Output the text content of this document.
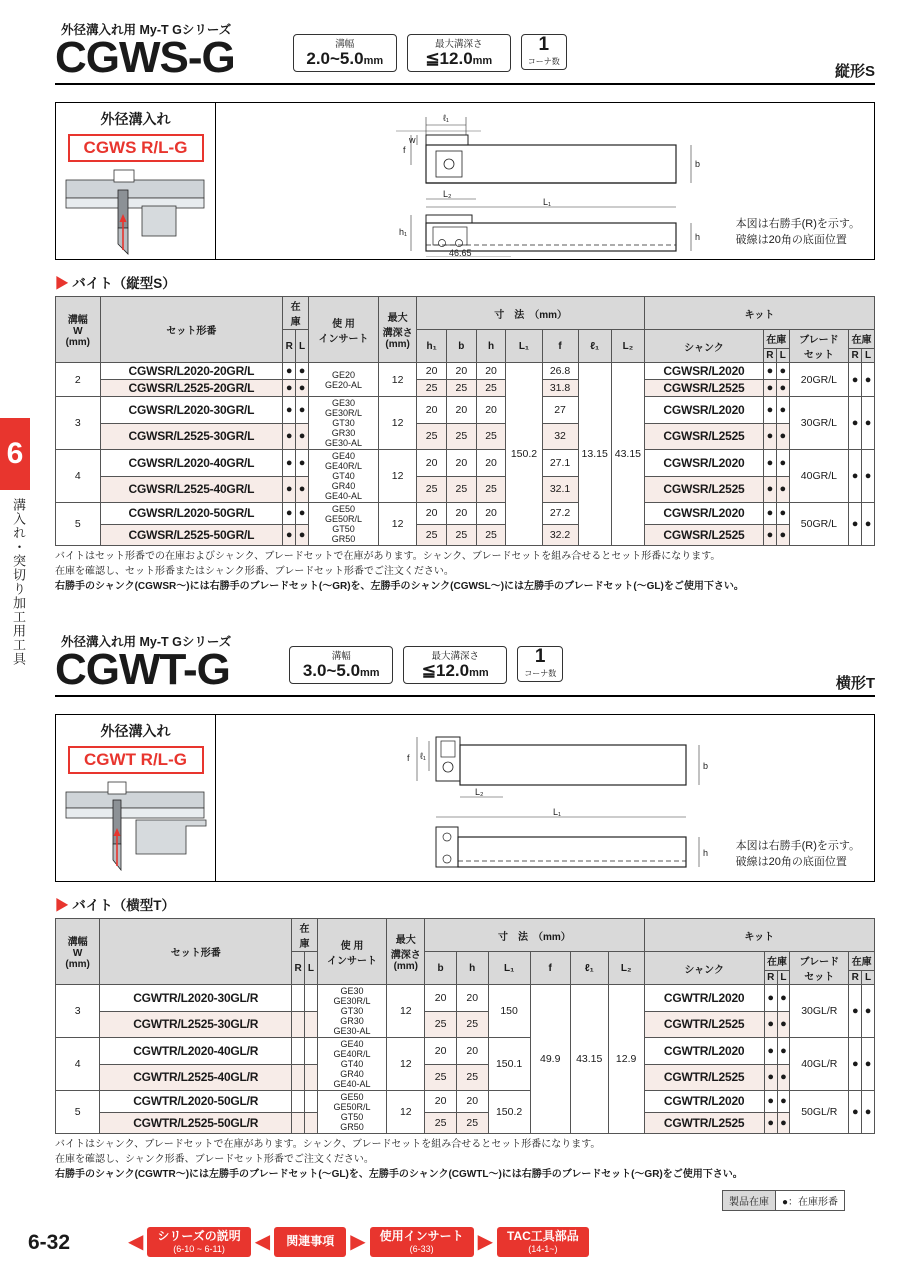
6
溝入れ・突切り加工用工具
外径溝入れ用 My-T Gシリーズ
CGWS-G	溝幅
2.0~5.0mm
最大溝深さ
≦12.0mm
1
コーナ数
縦形S
外径溝入れ
CGWS R/L-G
ℓ₁
f
w
b
L₂
L₁
h₁	h
46.65
本図は右勝手(R)を示す。
破線は20角の底面位置
▶ バイト（縦型S）
溝幅
W
(mm)	セット形番	在 庫		使 用
インサート	最大
溝深さ
(mm)	寸　法　（mm）							キット					
		R	L			h₁	b	h	L₁	f	ℓ₁	L₂	シャンク	在庫		ブレード
セット	在庫	
														R	L		R	L
2	CGWSR/L2020-20GR/L	●	●	GE20
GE20-AL	12	20	20	20	150.2	26.8	13.15	43.15	CGWSR/L2020	●	●	20GR/L	●	●
	CGWSR/L2525-20GR/L	●	●			25	25	25		31.8			CGWSR/L2525	●	●			
3	CGWSR/L2020-30GR/L	●	●	GE30
GE30R/L
GT30
GR30
GE30-AL	12	20	20	20		27			CGWSR/L2020	●	●	30GR/L	●	●
	CGWSR/L2525-30GR/L	●	●			25	25	25		32			CGWSR/L2525	●	●			
4	CGWSR/L2020-40GR/L	●	●	GE40
GE40R/L
GT40
GR40
GE40-AL	12	20	20	20		27.1			CGWSR/L2020	●	●	40GR/L	●	●
	CGWSR/L2525-40GR/L	●	●			25	25	25		32.1			CGWSR/L2525	●	●			
5	CGWSR/L2020-50GR/L	●	●	GE50
GE50R/L
GT50
GR50	12	20	20	20		27.2			CGWSR/L2020	●	●	50GR/L	●	●
	CGWSR/L2525-50GR/L	●	●			25	25	25		32.2			CGWSR/L2525	●	●			
バイトはセット形番での在庫およびシャンク、ブレードセットで在庫があります。シャンク、ブレードセットを組み合せるとセット形番になります。
在庫を確認し、セット形番またはシャンク形番、ブレードセット形番でご注文ください。
右勝手のシャンク(CGWSR〜)には右勝手のブレードセット(〜GR)を、左勝手のシャンク(CGWSL〜)には左勝手のブレードセット(〜GL)をご使用下さい。
外径溝入れ用 My-T Gシリーズ
CGWT-G	溝幅
3.0~5.0mm
最大溝深さ
≦12.0mm
1
コーナ数
横形T
外径溝入れ
CGWT R/L-G	f ℓ₁
b
L₂
L₁
h
本図は右勝手(R)を示す。
破線は20角の底面位置
▶ バイト（横型T）
溝幅
W
(mm)	セット形番	在 庫		使 用
インサート	最大
溝深さ
(mm)	寸　法　（mm）						キット					
		R	L			b	h	L₁	f	ℓ₁	L₂	シャンク	在庫		ブレード
セット	在庫	
													R	L		R	L
3	CGWTR/L2020-30GL/R			GE30
GE30R/L
GT30
GR30
GE30-AL	12	20	20	150	49.9	43.15	12.9	CGWTR/L2020	●	●	30GL/R	●	●
	CGWTR/L2525-30GL/R					25	25					CGWTR/L2525	●	●			
4	CGWTR/L2020-40GL/R			GE40
GE40R/L
GT40
GR40
GE40-AL	12	20	20	150.1				CGWTR/L2020	●	●	40GL/R	●	●
	CGWTR/L2525-40GL/R					25	25					CGWTR/L2525	●	●			
5	CGWTR/L2020-50GL/R			GE50
GE50R/L
GT50
GR50	12	20	20	150.2				CGWTR/L2020	●	●	50GL/R	●	●
	CGWTR/L2525-50GL/R					25	25					CGWTR/L2525	●	●			
バイトはシャンク、ブレードセットで在庫があります。シャンク、ブレードセットを組み合せるとセット形番になります。
在庫を確認し、シャンク形番、ブレードセット形番でご注文ください。
右勝手のシャンク(CGWTR〜)には左勝手のブレードセット(〜GL)を、左勝手のシャンク(CGWTL〜)には右勝手のブレードセット(〜GR)をご使用下さい。
製品在庫 ●：在庫形番
6-32	◀ シリーズの説明
(6-10 ~ 6-11)	◀ 関連事項 ▶ 使用インサート
(6-33)	▶ TAC工具部品
(14-1~)
